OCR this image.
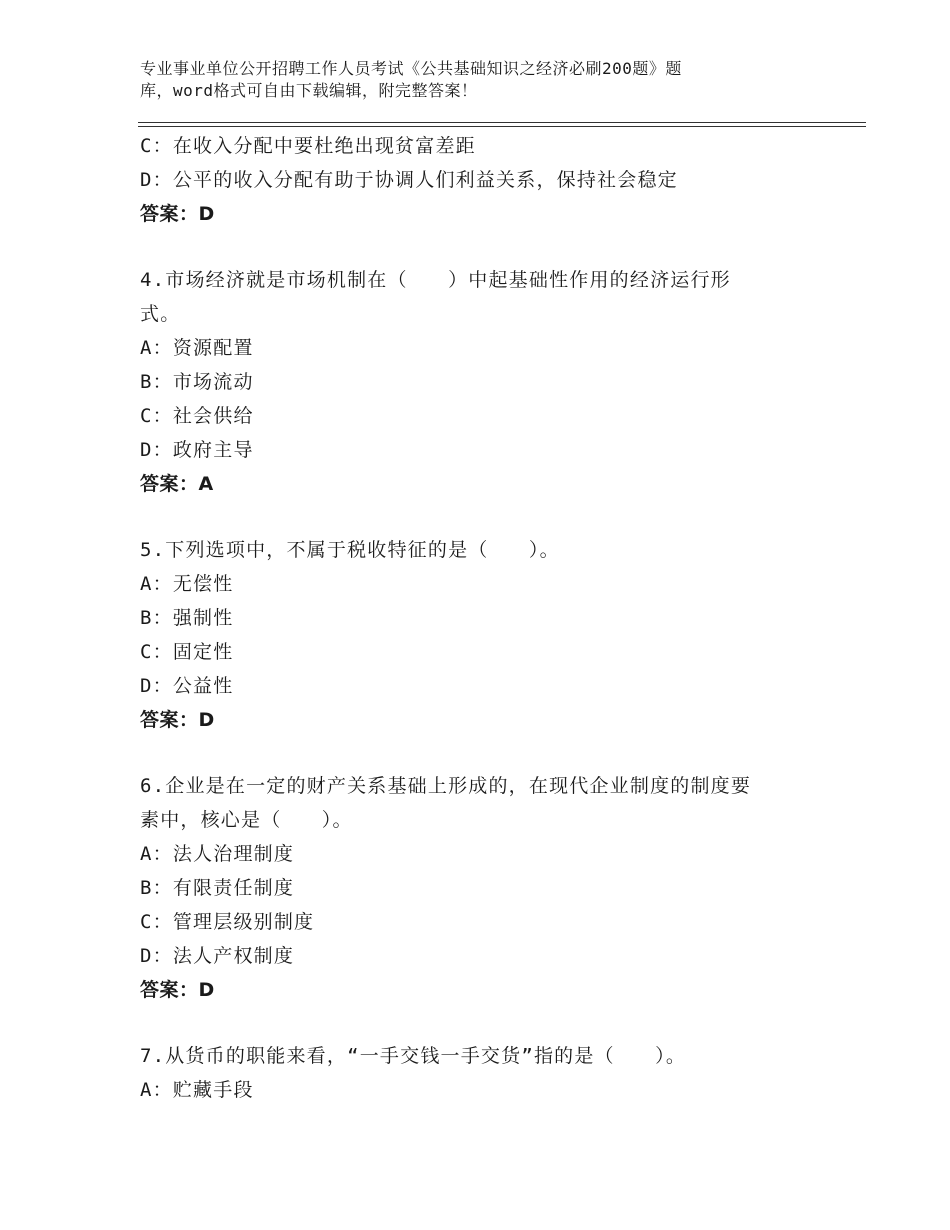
专业事业单位公开招聘工作人员考试《公共基础知识之经济必刷200题》题
库，word格式可自由下载编辑，附完整答案！
C：在收入分配中要杜绝出现贫富差距
D：公平的收入分配有助于协调人们利益关系，保持社会稳定
答案：D
4.市场经济就是市场机制在（　　）中起基础性作用的经济运行形
式。
A：资源配置
B：市场流动
C：社会供给
D：政府主导
答案：A
5.下列选项中，不属于税收特征的是（　　）。
A：无偿性
B：强制性
C：固定性
D：公益性
答案：D
6.企业是在一定的财产关系基础上形成的，在现代企业制度的制度要
素中，核心是（　　）。
A：法人治理制度
B：有限责任制度
C：管理层级别制度
D：法人产权制度
答案：D
7.从货币的职能来看，“一手交钱一手交货”指的是（　　）。
A：贮藏手段
